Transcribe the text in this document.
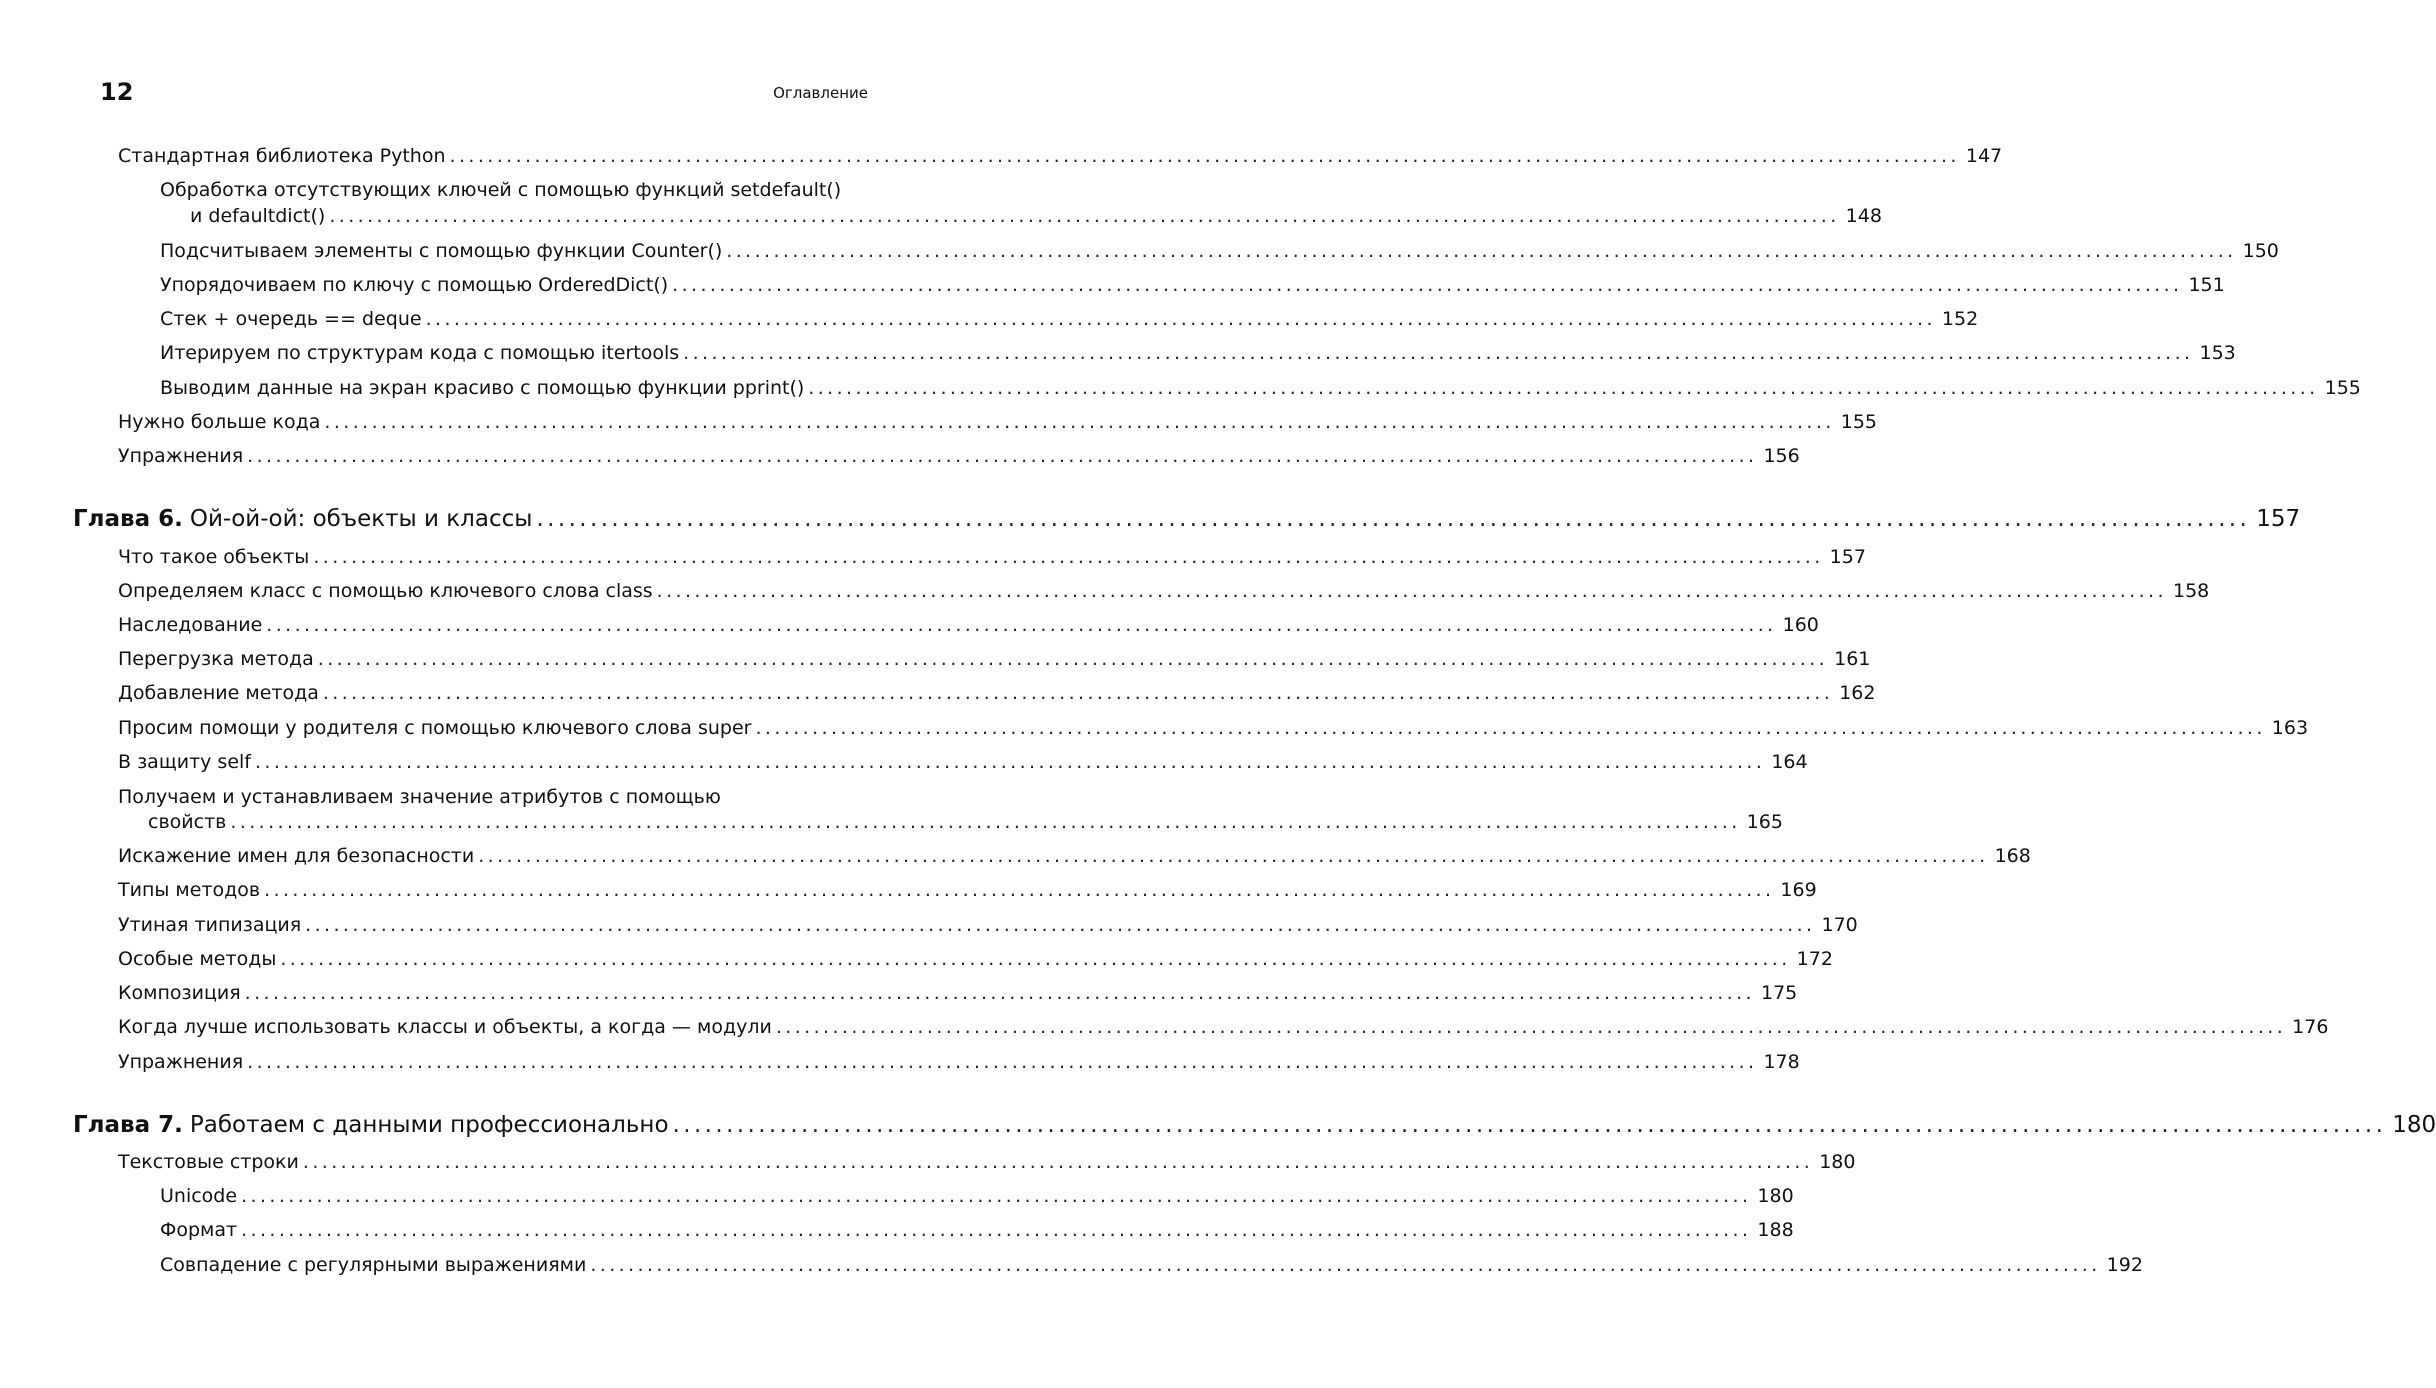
12	Оглавление
Стандартная библиотека Python ................................................................................................................................................................ 147
Обработка отсутствующих ключей с помощью функций setdefault()
и defaultdict() ................................................................................................................................................................ 148
Подсчитываем элементы с помощью функции Counter() ................................................................................................................................................................ 150
Упорядочиваем по ключу с помощью OrderedDict() ................................................................................................................................................................ 151
Стек + очередь == deque ................................................................................................................................................................ 152
Итерируем по структурам кода с помощью itertools ................................................................................................................................................................ 153
Выводим данные на экран красиво с помощью функции pprint() ................................................................................................................................................................ 155
Нужно больше кода ................................................................................................................................................................ 155
Упражнения ................................................................................................................................................................ 156
Глава 6. Ой-ой-ой: объекты и классы ................................................................................................................................................................ 157
Что такое объекты ................................................................................................................................................................ 157
Определяем класс с помощью ключевого слова class ................................................................................................................................................................ 158
Наследование ................................................................................................................................................................ 160
Перегрузка метода ................................................................................................................................................................ 161
Добавление метода ................................................................................................................................................................ 162
Просим помощи у родителя с помощью ключевого слова super ................................................................................................................................................................ 163
В защиту self ................................................................................................................................................................ 164
Получаем и устанавливаем значение атрибутов с помощью
свойств ................................................................................................................................................................ 165
Искажение имен для безопасности ................................................................................................................................................................ 168
Типы методов ................................................................................................................................................................ 169
Утиная типизация ................................................................................................................................................................ 170
Особые методы ................................................................................................................................................................ 172
Композиция ................................................................................................................................................................ 175
Когда лучше использовать классы и объекты, а когда — модули ................................................................................................................................................................ 176
Упражнения ................................................................................................................................................................ 178
Глава 7. Работаем с данными профессионально ................................................................................................................................................................ 180
Текстовые строки ................................................................................................................................................................ 180
Unicode ................................................................................................................................................................ 180
Формат ................................................................................................................................................................ 188
Совпадение с регулярными выражениями ................................................................................................................................................................ 192
